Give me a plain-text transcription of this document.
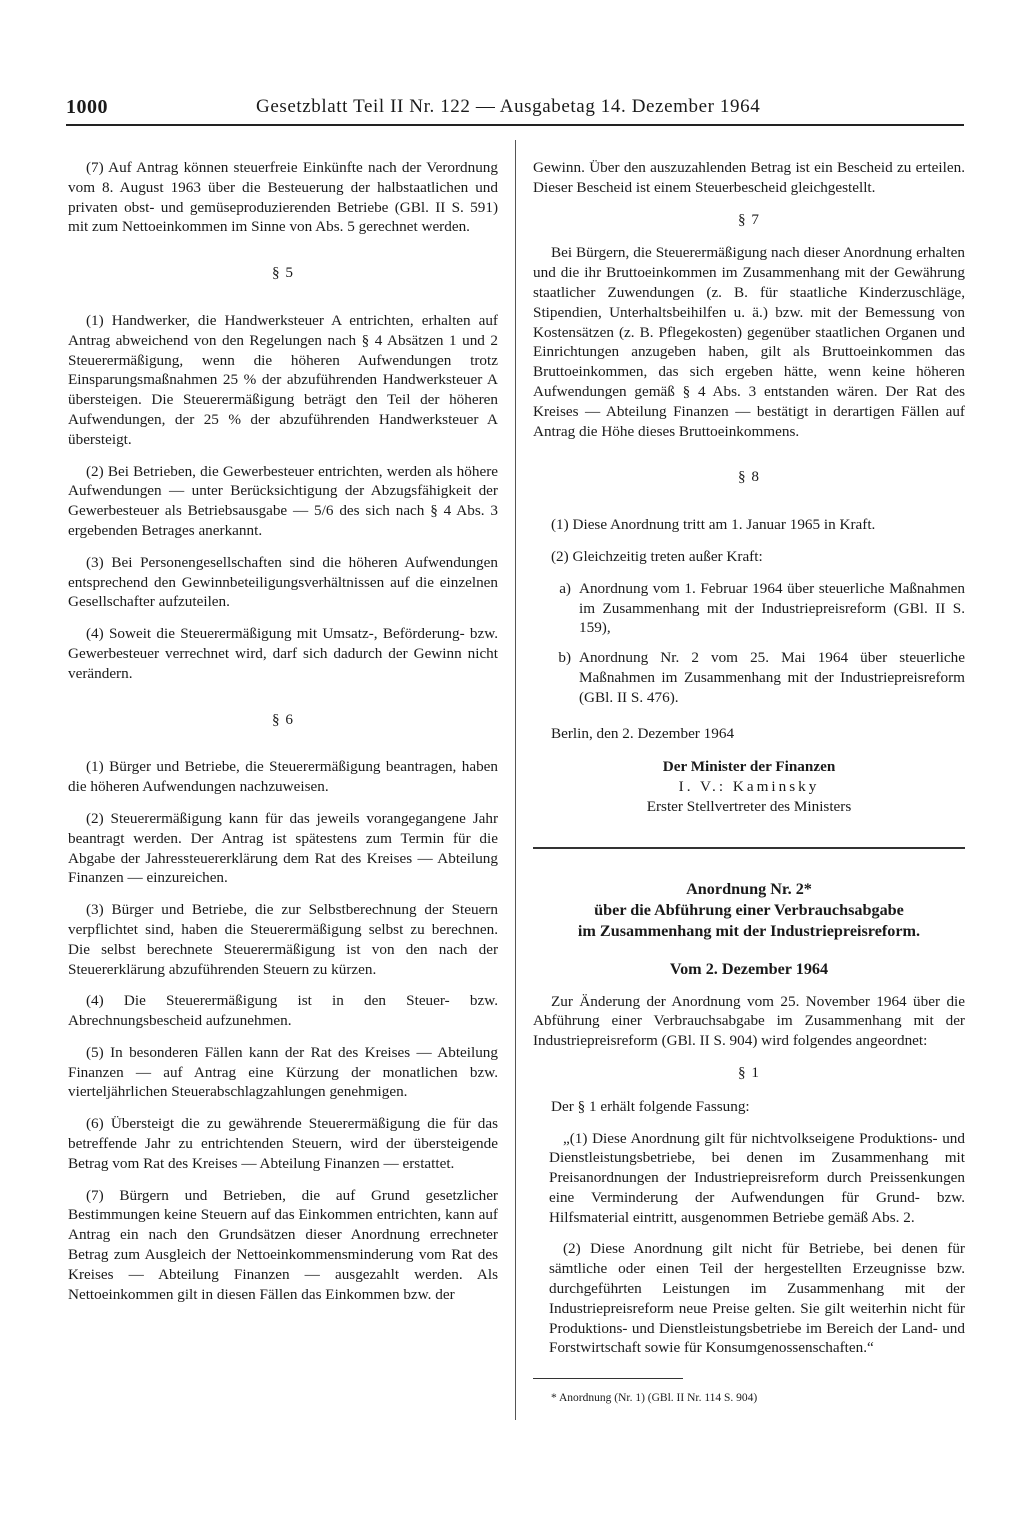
1000	Gesetzblatt Teil II Nr. 122 — Ausgabetag 14. Dezember 1964

(7) Auf Antrag können steuerfreie Einkünfte nach der Verordnung vom 8. August 1963 über die Besteuerung der halbstaatlichen und privaten obst- und gemüseproduzierenden Betriebe (GBl. II S. 591) mit zum Nettoeinkommen im Sinne von Abs. 5 gerechnet werden.

§ 5

(1) Handwerker, die Handwerksteuer A entrichten, erhalten auf Antrag abweichend von den Regelungen nach § 4 Absätzen 1 und 2 Steuerermäßigung, wenn die höheren Aufwendungen trotz Einsparungsmaßnahmen 25 % der abzuführenden Handwerksteuer A übersteigen. Die Steuerermäßigung beträgt den Teil der höheren Aufwendungen, der 25 % der abzuführenden Handwerksteuer A übersteigt.

(2) Bei Betrieben, die Gewerbesteuer entrichten, werden als höhere Aufwendungen — unter Berücksichtigung der Abzugsfähigkeit der Gewerbesteuer als Betriebsausgabe — 5/6 des sich nach § 4 Abs. 3 ergebenden Betrages anerkannt.

(3) Bei Personengesellschaften sind die höheren Aufwendungen entsprechend den Gewinnbeteiligungsverhältnissen auf die einzelnen Gesellschafter aufzuteilen.

(4) Soweit die Steuerermäßigung mit Umsatz-, Beförderung- bzw. Gewerbesteuer verrechnet wird, darf sich dadurch der Gewinn nicht verändern.

§ 6

(1) Bürger und Betriebe, die Steuerermäßigung beantragen, haben die höheren Aufwendungen nachzuweisen.

(2) Steuerermäßigung kann für das jeweils vorangegangene Jahr beantragt werden. Der Antrag ist spätestens zum Termin für die Abgabe der Jahressteuererklärung dem Rat des Kreises — Abteilung Finanzen — einzureichen.

(3) Bürger und Betriebe, die zur Selbstberechnung der Steuern verpflichtet sind, haben die Steuerermäßigung selbst zu berechnen. Die selbst berechnete Steuerermäßigung ist von den nach der Steuererklärung abzuführenden Steuern zu kürzen.

(4) Die Steuerermäßigung ist in den Steuer- bzw. Abrechnungsbescheid aufzunehmen.

(5) In besonderen Fällen kann der Rat des Kreises — Abteilung Finanzen — auf Antrag eine Kürzung der monatlichen bzw. vierteljährlichen Steuerabschlagzahlungen genehmigen.

(6) Übersteigt die zu gewährende Steuerermäßigung die für das betreffende Jahr zu entrichtenden Steuern, wird der übersteigende Betrag vom Rat des Kreises — Abteilung Finanzen — erstattet.

(7) Bürgern und Betrieben, die auf Grund gesetzlicher Bestimmungen keine Steuern auf das Einkommen entrichten, kann auf Antrag ein nach den Grundsätzen dieser Anordnung errechneter Betrag zum Ausgleich der Nettoeinkommensminderung vom Rat des Kreises — Abteilung Finanzen — ausgezahlt werden. Als Nettoeinkommen gilt in diesen Fällen das Einkommen bzw. der

Gewinn. Über den auszuzahlenden Betrag ist ein Bescheid zu erteilen. Dieser Bescheid ist einem Steuerbescheid gleichgestellt.

§ 7

Bei Bürgern, die Steuerermäßigung nach dieser Anordnung erhalten und die ihr Bruttoeinkommen im Zusammenhang mit der Gewährung staatlicher Zuwendungen (z. B. für staatliche Kinderzuschläge, Stipendien, Unterhaltsbeihilfen u. ä.) bzw. mit der Bemessung von Kostensätzen (z. B. Pflegekosten) gegenüber staatlichen Organen und Einrichtungen anzugeben haben, gilt als Bruttoeinkommen das Bruttoeinkommen, das sich ergeben hätte, wenn keine höheren Aufwendungen gemäß § 4 Abs. 3 entstanden wären. Der Rat des Kreises — Abteilung Finanzen — bestätigt in derartigen Fällen auf Antrag die Höhe dieses Bruttoeinkommens.

§ 8

(1) Diese Anordnung tritt am 1. Januar 1965 in Kraft.

(2) Gleichzeitig treten außer Kraft:

a) Anordnung vom 1. Februar 1964 über steuerliche Maßnahmen im Zusammenhang mit der Industriepreisreform (GBl. II S. 159),
b) Anordnung Nr. 2 vom 25. Mai 1964 über steuerliche Maßnahmen im Zusammenhang mit der Industriepreisreform (GBl. II S. 476).

Berlin, den 2. Dezember 1964

Der Minister der Finanzen

I. V.: Kaminsky

Erster Stellvertreter des Ministers

Anordnung Nr. 2*

über die Abführung einer Verbrauchsabgabe

im Zusammenhang mit der Industriepreisreform.

Vom 2. Dezember 1964

Zur Änderung der Anordnung vom 25. November 1964 über die Abführung einer Verbrauchsabgabe im Zusammenhang mit der Industriepreisreform (GBl. II S. 904) wird folgendes angeordnet:

§ 1

Der § 1 erhält folgende Fassung:

„(1) Diese Anordnung gilt für nichtvolkseigene Produktions- und Dienstleistungsbetriebe, bei denen im Zusammenhang mit Preisanordnungen der Industriepreisreform durch Preissenkungen eine Verminderung der Aufwendungen für Grund- bzw. Hilfsmaterial eintritt, ausgenommen Betriebe gemäß Abs. 2.

(2) Diese Anordnung gilt nicht für Betriebe, bei denen für sämtliche oder einen Teil der hergestellten Erzeugnisse bzw. durchgeführten Leistungen im Zusammenhang mit der Industriepreisreform neue Preise gelten. Sie gilt weiterhin nicht für Produktions- und Dienstleistungsbetriebe im Bereich der Land- und Forstwirtschaft sowie für Konsumgenossenschaften.“

* Anordnung (Nr. 1) (GBl. II Nr. 114 S. 904)
